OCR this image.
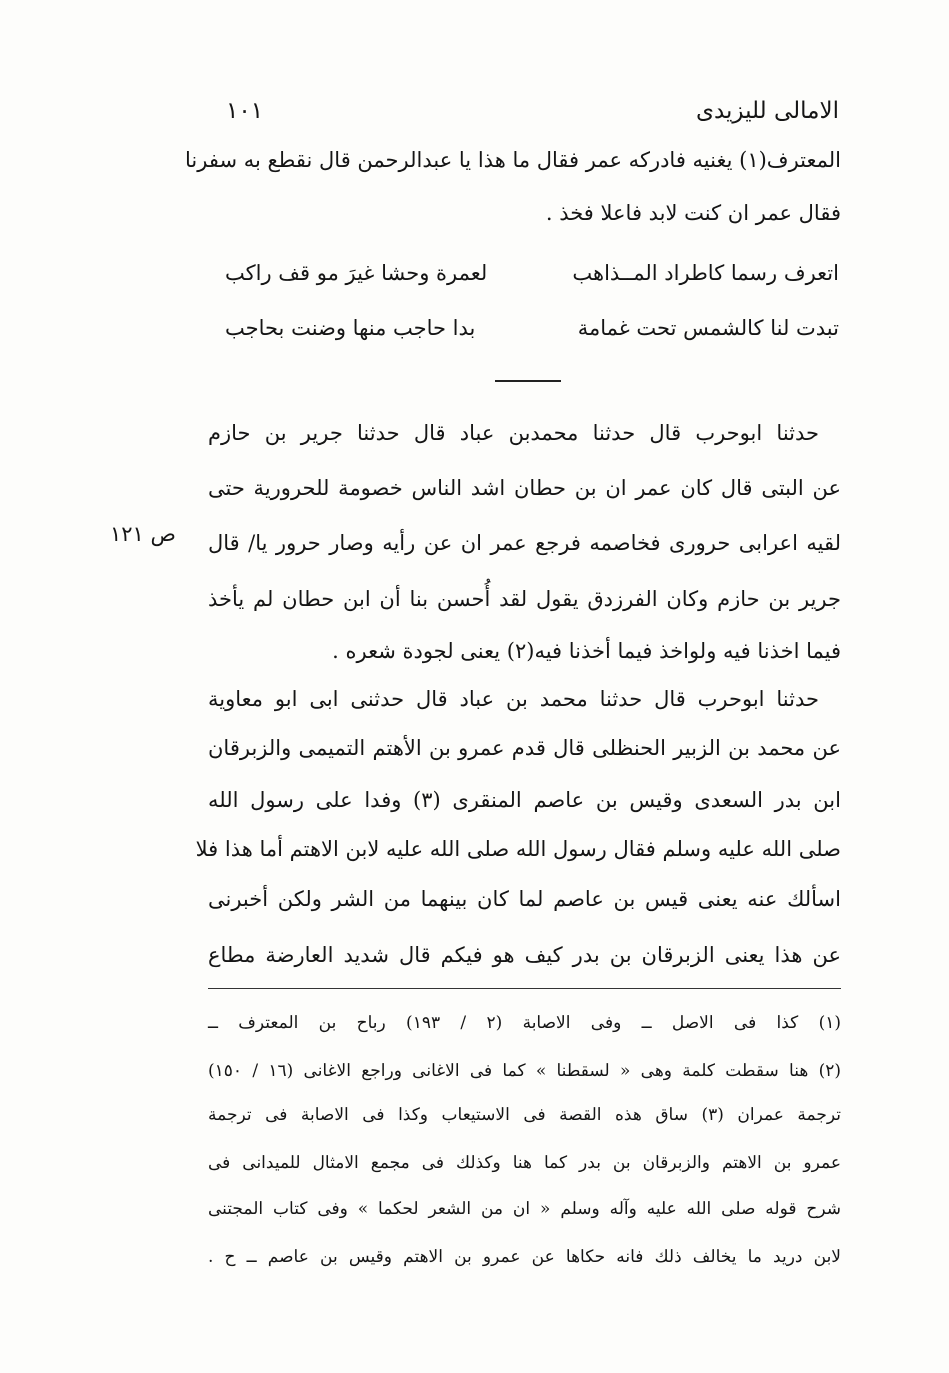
الامالى لليزيدى
١٠١
المعترف(١) يغنيه فادركه عمر فقال ما هذا يا عبدالرحمن قال نقطع به سفرنا
فقال عمر ان كنت لابد فاعلا فخذ .
اتعرف رسما كاطراد المــذاهب
لعمرة وحشا غيرَ مو قف راكب
تبدت لنا كالشمس تحت غمامة
بدا حاجب منها وضنت بحاجب
حدثنا ابوحرب قال حدثنا محمدبن عباد قال حدثنا جرير بن حازم
عن البتى قال كان عمر ان بن حطان اشد الناس خصومة للحرورية حتى
لقيه اعرابى حرورى فخاصمه فرجع عمر ان عن رأيه وصار حرور يا/ قال
ص ١٢١
جرير بن حازم وكان الفرزدق يقول لقد أُحسن بنا أن ابن حطان لم يأخذ
فيما اخذنا فيه ولواخذ فيما أخذنا فيه(٢) يعنى لجودة شعره .
حدثنا ابوحرب قال حدثنا محمد بن عباد قال حدثنى ابى ابو معاوية
عن محمد بن الزبير الحنظلى قال قدم عمرو بن الأهتم التميمى والزبرقان
ابن بدر السعدى وقيس بن عاصم المنقرى (٣) وفدا على رسول الله
صلى الله عليه وسلم فقال رسول الله صلى الله عليه لابن الاهتم أما هذا فلا
اسألك عنه يعنى قيس بن عاصم لما كان بينهما من الشر ولكن أخبرنى
عن هذا يعنى الزبرقان بن بدر كيف هو فيكم قال شديد العارضة مطاع
(١) كذا فى الاصل ــ وفى الاصابة (٢ / ١٩٣) رباح بن المعترف ــ
(٢) هنا سقطت كلمة وهى « لسقطنا » كما فى الاغانى وراجع الاغانى (١٦ / ١٥٠)
ترجمة عمران (٣) ساق هذه القصة فى الاستيعاب وكذا فى الاصابة فى ترجمة
عمرو بن الاهتم والزبرقان بن بدر كما هنا وكذلك فى مجمع الامثال للميدانى فى
شرح قوله صلى الله عليه وآله وسلم « ان من الشعر لحكما » وفى كتاب المجتنى
لابن دريد ما يخالف ذلك فانه حكاها عن عمرو بن الاهتم وقيس بن عاصم ــ ح .
